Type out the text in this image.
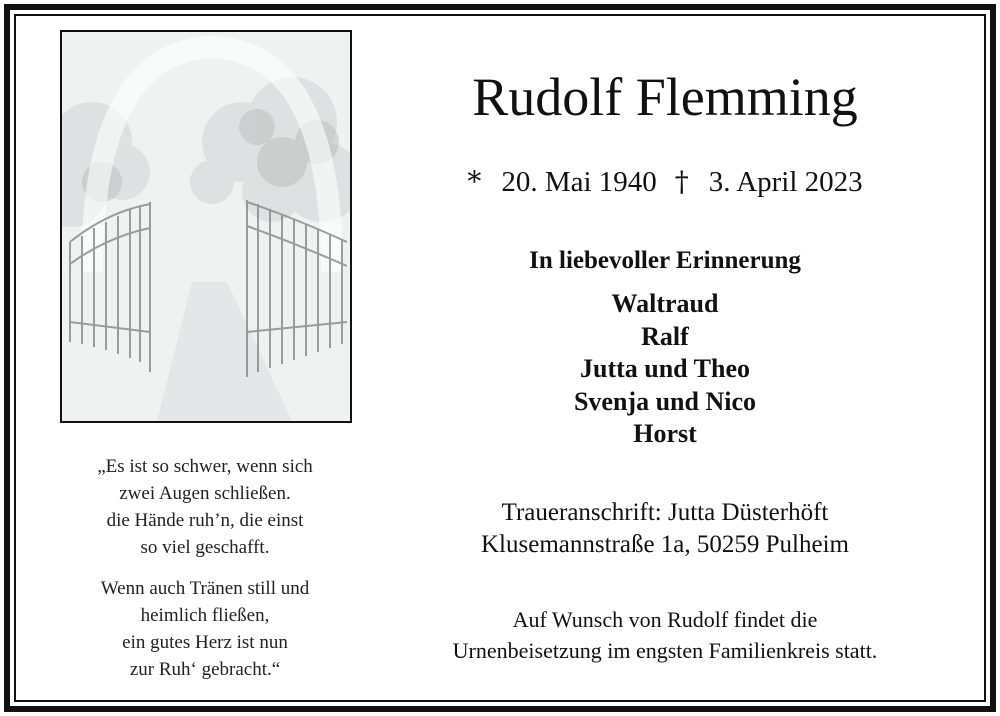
„Es ist so schwer, wenn sich
zwei Augen schließen.
die Hände ruh’n, die einst
so viel geschafft.
Wenn auch Tränen still und
heimlich fließen,
ein gutes Herz ist nun
zur Ruh‘ gebracht.“
Rudolf Flemming
* 20. Mai 1940 † 3. April 2023
In liebevoller Erinnerung
Waltraud
Ralf
Jutta und Theo
Svenja und Nico
Horst
Traueranschrift: Jutta Düsterhöft
Klusemannstraße 1a, 50259 Pulheim
Auf Wunsch von Rudolf findet die
Urnenbeisetzung im engsten Familienkreis statt.
